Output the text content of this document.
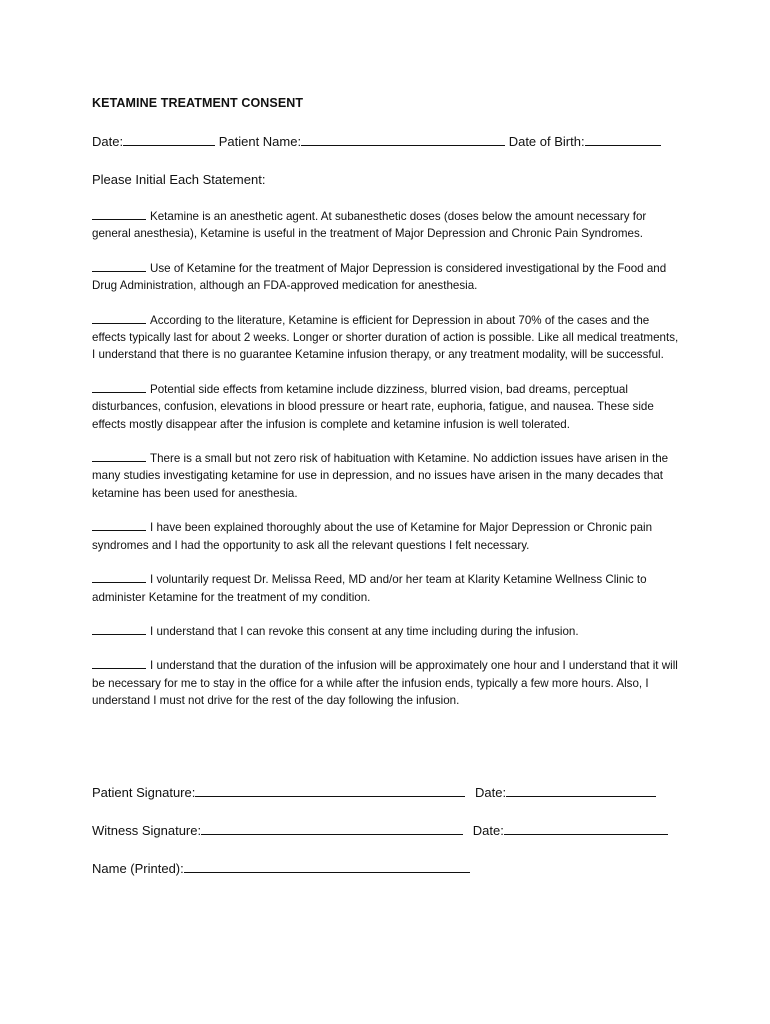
KETAMINE TREATMENT CONSENT
Date:	Patient Name:	Date of Birth:
Please Initial Each Statement:

Ketamine is an anesthetic agent. At subanesthetic doses (doses below the amount necessary for general anesthesia), Ketamine is useful in the treatment of Major Depression and Chronic Pain Syndromes.

Use of Ketamine for the treatment of Major Depression is considered investigational by the Food and Drug Administration, although an FDA-approved medication for anesthesia.

According to the literature, Ketamine is efficient for Depression in about 70% of the cases and the effects typically last for about 2 weeks. Longer or shorter duration of action is possible. Like all medical treatments, I understand that there is no guarantee Ketamine infusion therapy, or any treatment modality, will be successful.

Potential side effects from ketamine include dizziness, blurred vision, bad dreams, perceptual disturbances, confusion, elevations in blood pressure or heart rate, euphoria, fatigue, and nausea. These side effects mostly disappear after the infusion is complete and ketamine infusion is well tolerated.

There is a small but not zero risk of habituation with Ketamine. No addiction issues have arisen in the many studies investigating ketamine for use in depression, and no issues have arisen in the many decades that ketamine has been used for anesthesia.

I have been explained thoroughly about the use of Ketamine for Major Depression or Chronic pain syndromes and I had the opportunity to ask all the relevant questions I felt necessary.

I voluntarily request Dr. Melissa Reed, MD and/or her team at Klarity Ketamine Wellness Clinic to administer Ketamine for the treatment of my condition.

I understand that I can revoke this consent at any time including during the infusion.

I understand that the duration of the infusion will be approximately one hour and I understand that it will be necessary for me to stay in the office for a while after the infusion ends, typically a few more hours. Also, I understand I must not drive for the rest of the day following the infusion.

Patient Signature:	Date:
Witness Signature:	Date:
Name (Printed):
